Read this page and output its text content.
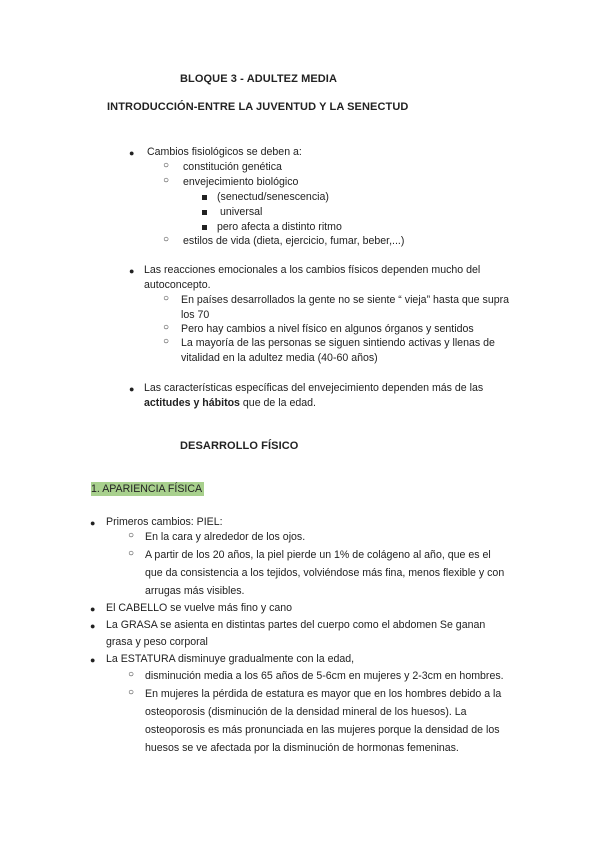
BLOQUE 3 - ADULTEZ MEDIA
INTRODUCCIÓN-ENTRE LA JUVENTUD Y LA SENECTUD
● Cambios fisiológicos se deben a:
○ constitución genética
○ envejecimiento biológico
(senectud/senescencia)
universal
pero afecta a distinto ritmo
○ estilos de vida (dieta, ejercicio, fumar, beber,...)
● Las reacciones emocionales a los cambios físicos dependen mucho del
autoconcepto.
○ En países desarrollados la gente no se siente “ vieja” hasta que supra
los 70
○ Pero hay cambios a nivel físico en algunos órganos y sentidos
○ La mayoría de las personas se siguen sintiendo activas y llenas de
vitalidad en la adultez media (40-60 años)
● Las características específicas del envejecimiento dependen más de las
actitudes y hábitos que de la edad.
DESARROLLO FÍSICO
1. APARIENCIA FÍSICA
● Primeros cambios: PIEL:
○ En la cara y alrededor de los ojos.
○ A partir de los 20 años, la piel pierde un 1% de colágeno al año, que es el
que da consistencia a los tejidos, volviéndose más fina, menos flexible y con
arrugas más visibles.
● El CABELLO se vuelve más fino y cano
● La GRASA se asienta en distintas partes del cuerpo como el abdomen Se ganan
grasa y peso corporal
● La ESTATURA disminuye gradualmente con la edad,
○ disminución media a los 65 años de 5-6cm en mujeres y 2-3cm en hombres.
○ En mujeres la pérdida de estatura es mayor que en los hombres debido a la
osteoporosis (disminución de la densidad mineral de los huesos). La
osteoporosis es más pronunciada en las mujeres porque la densidad de los
huesos se ve afectada por la disminución de hormonas femeninas.
